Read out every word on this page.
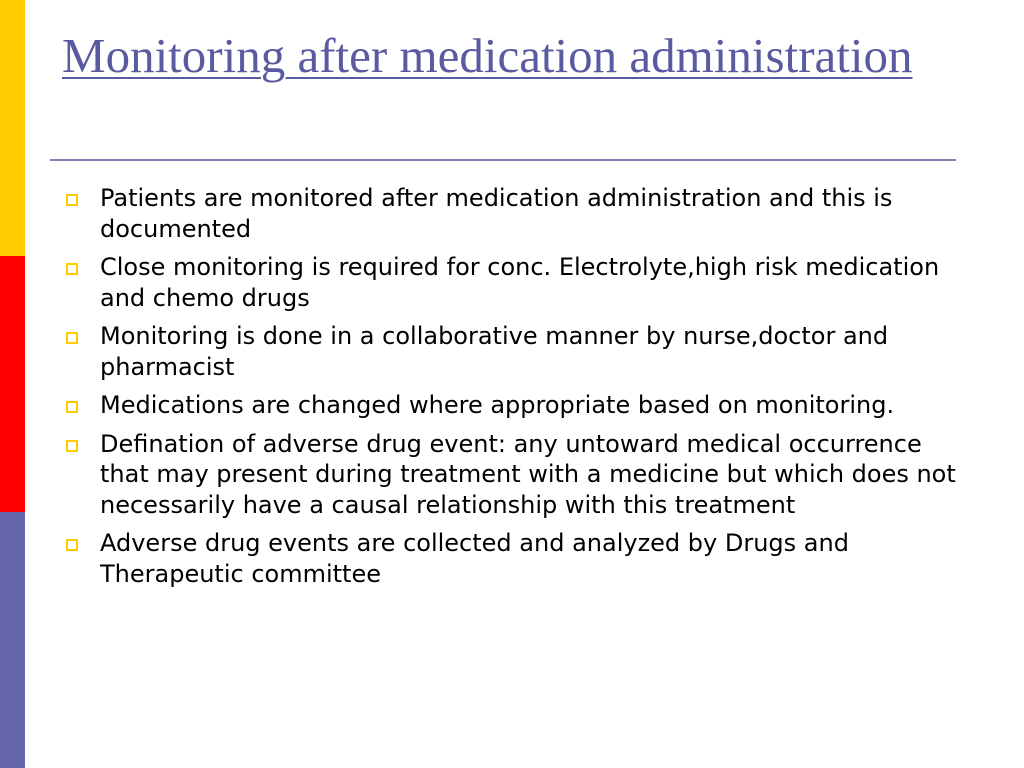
Monitoring after medication administration
Patients are monitored after medication administration and this is documented
Close monitoring is required for conc. Electrolyte,high risk medication and chemo drugs
Monitoring is done in a collaborative manner by nurse,doctor and pharmacist
Medications are changed where appropriate based on monitoring.
Defination of adverse drug event: any untoward medical occurrence that may present during treatment with a medicine but which does not necessarily have a causal relationship with this treatment
Adverse drug events are collected and analyzed by Drugs and Therapeutic committee
